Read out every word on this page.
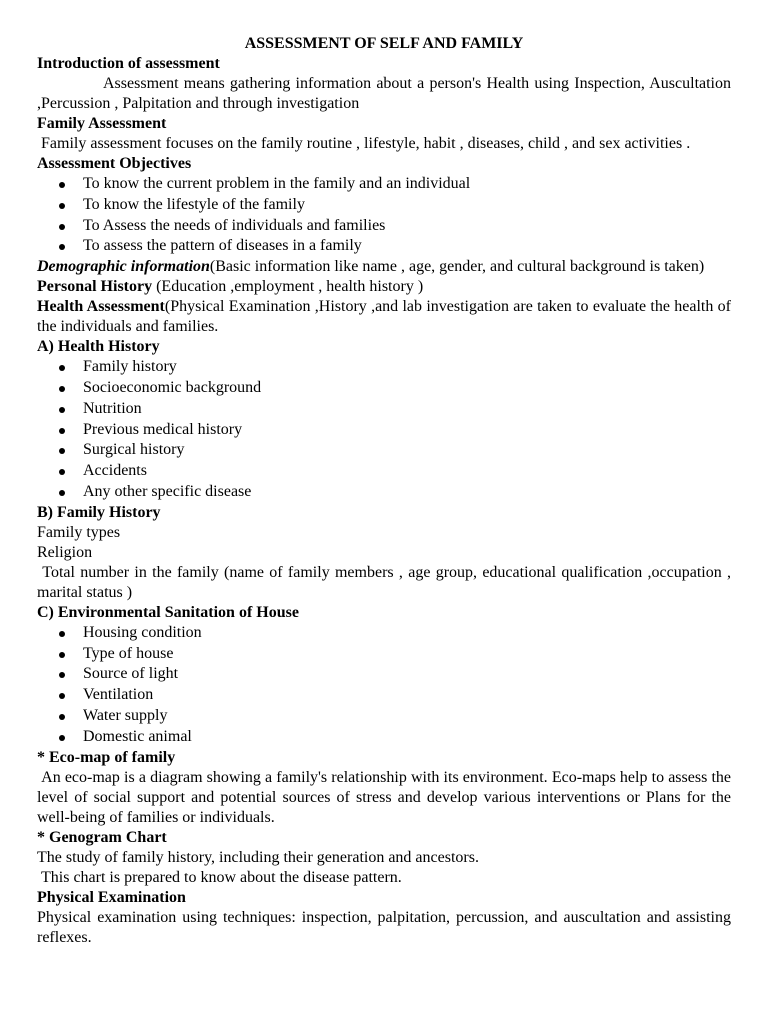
ASSESSMENT OF SELF AND FAMILY
Introduction of assessment
Assessment means gathering information about a person's Health using Inspection, Auscultation ,Percussion , Palpitation and through investigation
Family Assessment
Family assessment focuses on the family routine , lifestyle, habit , diseases, child , and sex activities .
Assessment Objectives
To know the current problem in the family and an individual
To know the lifestyle of the family
To Assess the needs of individuals and families
To assess the pattern of diseases in a family
Demographic information(Basic information like name , age, gender, and cultural background is taken)
Personal History (Education ,employment , health history )
Health Assessment(Physical Examination ,History ,and lab investigation are taken to evaluate the health of the individuals and families.
A) Health History
Family history
Socioeconomic background
Nutrition
Previous medical history
Surgical history
Accidents
Any other specific disease
B) Family History
Family types
Religion
Total number in the family (name of family members , age group, educational qualification ,occupation , marital status )
C) Environmental Sanitation of House
Housing condition
Type of house
Source of light
Ventilation
Water supply
Domestic animal
* Eco-map of family
An eco-map is a diagram showing a family's relationship with its environment. Eco-maps help to assess the level of social support and potential sources of stress and develop various interventions or Plans for the well-being of families or individuals.
* Genogram Chart
The study of family history, including their generation and ancestors.
This chart is prepared to know about the disease pattern.
Physical Examination
Physical examination using techniques: inspection, palpitation, percussion, and auscultation and assisting reflexes.
